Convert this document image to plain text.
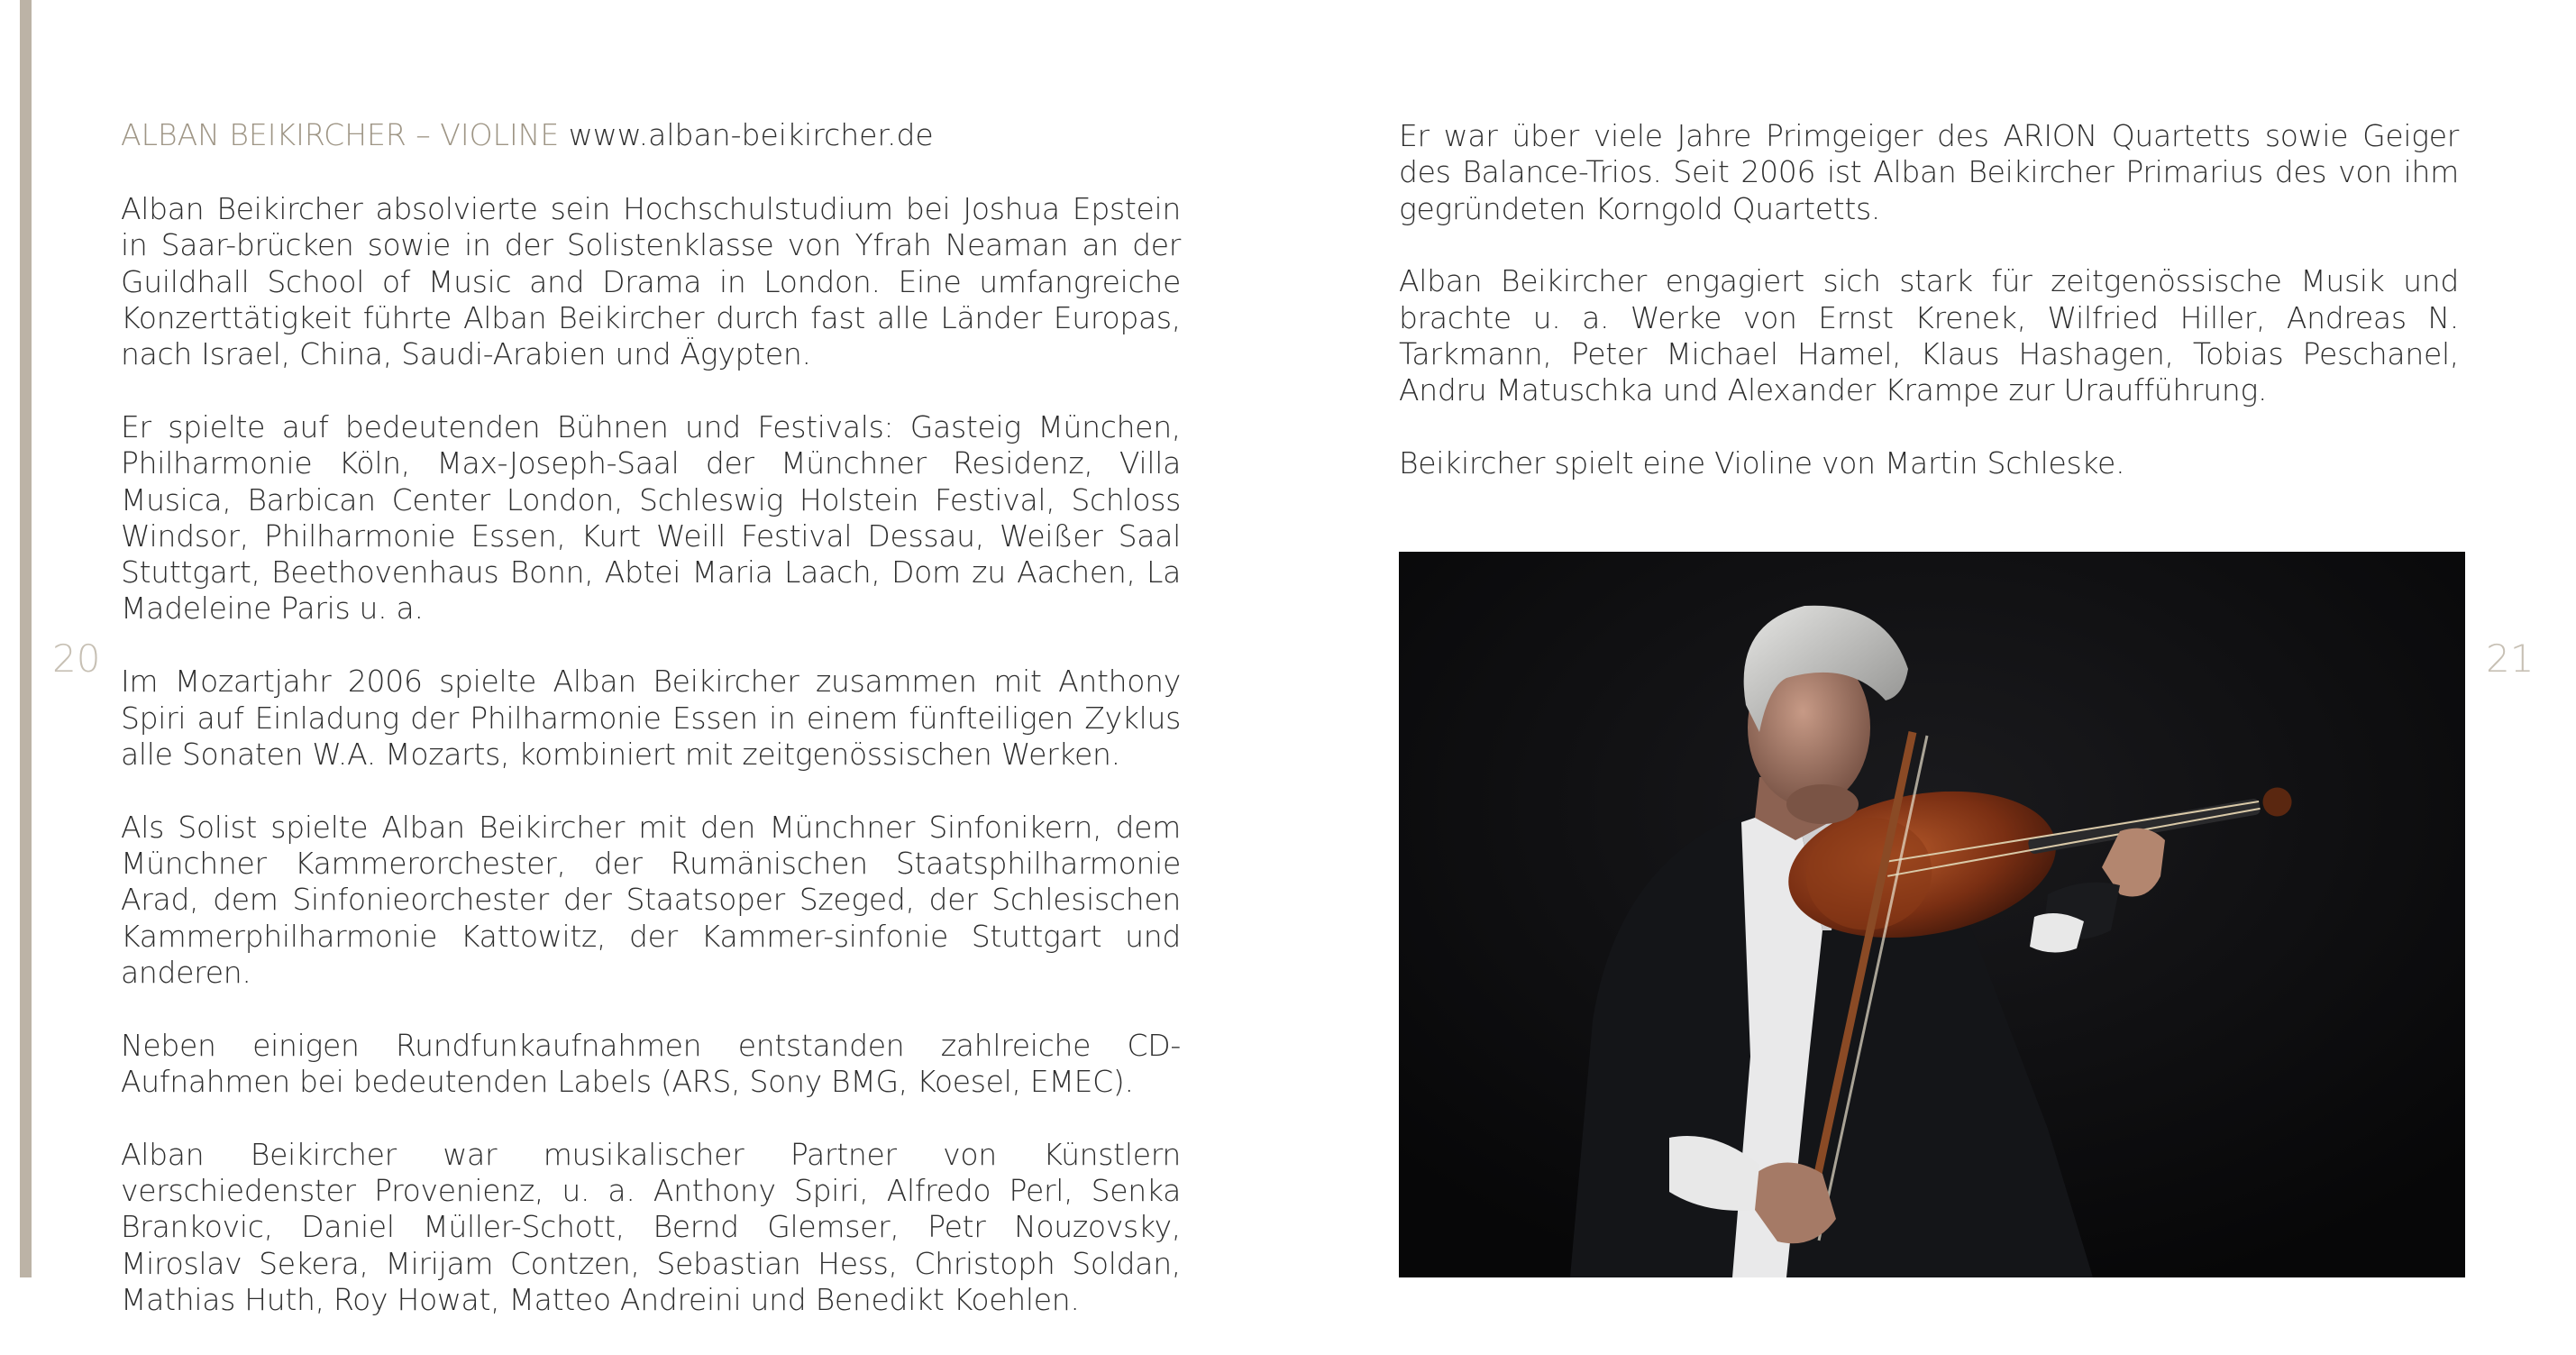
ALBAN BEIKIRCHER – VIOLINE www.alban-beikircher.de

Alban Beikircher absolvierte sein Hochschulstudium bei Joshua Epstein in Saar-brücken sowie in der Solistenklasse von Yfrah Neaman an der Guildhall School of Music and Drama in London. Eine umfangreiche Konzerttätigkeit führte Alban Beikircher durch fast alle Länder Europas, nach Israel, China, Saudi-Arabien und Ägypten.

Er spielte auf bedeutenden Bühnen und Festivals: Gasteig München, Philharmonie Köln, Max-Joseph-Saal der Münchner Residenz, Villa Musica, Barbican Center London, Schleswig Holstein Festival, Schloss Windsor, Philharmonie Essen, Kurt Weill Festival Dessau, Weißer Saal Stuttgart, Beethovenhaus Bonn, Abtei Maria Laach, Dom zu Aachen, La Madeleine Paris u. a.

Im Mozartjahr 2006 spielte Alban Beikircher zusammen mit Anthony Spiri auf Einladung der Philharmonie Essen in einem fünfteiligen Zyklus alle Sonaten W.A. Mozarts, kombiniert mit zeitgenössischen Werken.

Als Solist spielte Alban Beikircher mit den Münchner Sinfonikern, dem Münchner Kammerorchester, der Rumänischen Staatsphilharmonie Arad, dem Sinfonieorchester der Staatsoper Szeged, der Schlesischen Kammerphilharmonie Kattowitz, der Kammer-sinfonie Stuttgart und anderen.

Neben einigen Rundfunkaufnahmen entstanden zahlreiche CD-Aufnahmen bei bedeutenden Labels (ARS, Sony BMG, Koesel, EMEC).

Alban Beikircher war musikalischer Partner von Künstlern verschiedenster Provenienz, u. a. Anthony Spiri, Alfredo Perl, Senka Brankovic, Daniel Müller-Schott, Bernd Glemser, Petr Nouzovsky, Miroslav Sekera, Mirijam Contzen, Sebastian Hess, Christoph Soldan, Mathias Huth, Roy Howat, Matteo Andreini und Benedikt Koehlen.

Er war über viele Jahre Primgeiger des ARION Quartetts sowie Geiger des Balance-Trios. Seit 2006 ist Alban Beikircher Primarius des von ihm gegründeten Korngold Quartetts.

Alban Beikircher engagiert sich stark für zeitgenössische Musik und brachte u. a. Werke von Ernst Krenek, Wilfried Hiller, Andreas N. Tarkmann, Peter Michael Hamel, Klaus Hashagen, Tobias Peschanel, Andru Matuschka und Alexander Krampe zur Uraufführung.

Beikircher spielt eine Violine von Martin Schleske.

20	21
